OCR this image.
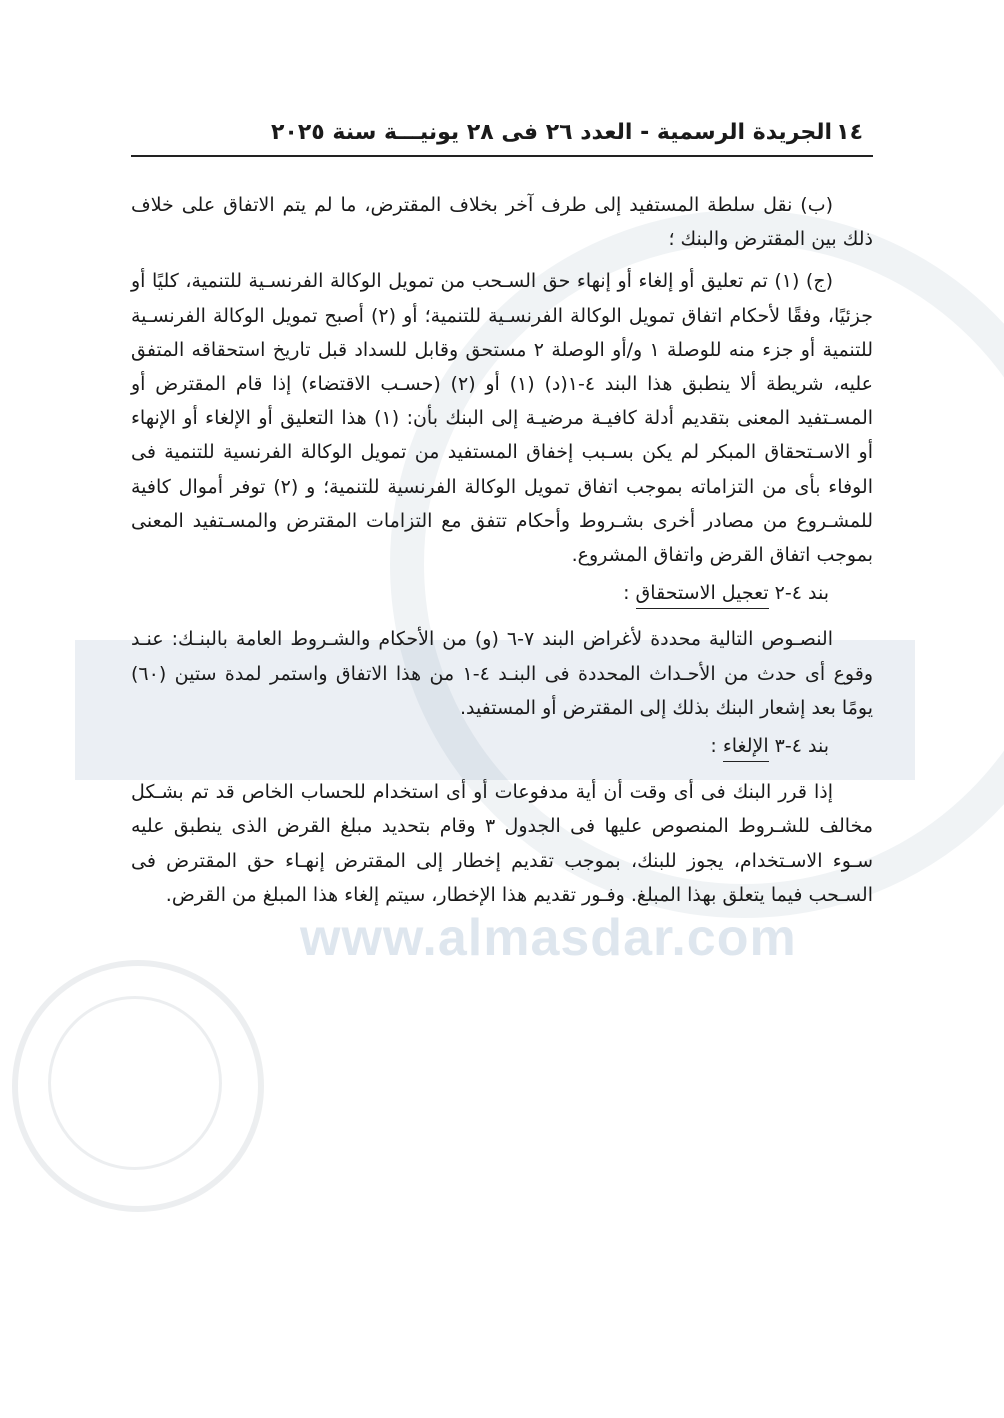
www.almasdar.com
١٤
الجريدة الرسمية - العدد ٢٦ فى ٢٨ يونيـــة سنة ٢٠٢٥

(ب) نقل سلطة المستفيد إلى طرف آخر بخلاف المقترض، ما لم يتم الاتفاق على خلاف ذلك بين المقترض والبنك ؛

(ج) (١) تم تعليق أو إلغاء أو إنهاء حق السـحب من تمويل الوكالة الفرنسـية للتنمية، كليًا أو جزئيًا، وفقًا لأحكام اتفاق تمويل الوكالة الفرنسـية للتنمية؛ أو (٢) أصبح تمويل الوكالة الفرنسـية للتنمية أو جزء منه للوصلة ١ و/أو الوصلة ٢ مستحق وقابل للسداد قبل تاريخ استحقاقه المتفق عليه، شريطة ألا ينطبق هذا البند ٤-١(د) (١) أو (٢) (حسـب الاقتضاء) إذا قام المقترض أو المسـتفيد المعنى بتقديم أدلة كافيـة مرضيـة إلى البنك بأن: (١) هذا التعليق أو الإلغاء أو الإنهاء أو الاسـتحقاق المبكر لم يكن بسـبب إخفاق المستفيد من تمويل الوكالة الفرنسية للتنمية فى الوفاء بأى من التزاماته بموجب اتفاق تمويل الوكالة الفرنسية للتنمية؛ و (٢) توفر أموال كافية للمشـروع من مصادر أخرى بشـروط وأحكام تتفق مع التزامات المقترض والمسـتفيد المعنى بموجب اتفاق القرض واتفاق المشروع.

بند ٤-٢ تعجيل الاستحقاق :

النصـوص التالية محددة لأغراض البند ٧-٦ (و) من الأحكام والشـروط العامة بالبنـك: عنـد وقوع أى حدث من الأحـداث المحددة فى البنـد ٤-١ من هذا الاتفاق واستمر لمدة ستين (٦٠) يومًا بعد إشعار البنك بذلك إلى المقترض أو المستفيد.

بند ٤-٣ الإلغاء :

إذا قرر البنك فى أى وقت أن أية مدفوعات أو أى استخدام للحساب الخاص قد تم بشـكل مخالف للشـروط المنصوص عليها فى الجدول ٣ وقام بتحديد مبلغ القرض الذى ينطبق عليه سـوء الاسـتخدام، يجوز للبنك، بموجب تقديم إخطار إلى المقترض إنهـاء حق المقترض فى السـحب فيما يتعلق بهذا المبلغ. وفـور تقديم هذا الإخطار، سيتم إلغاء هذا المبلغ من القرض.
